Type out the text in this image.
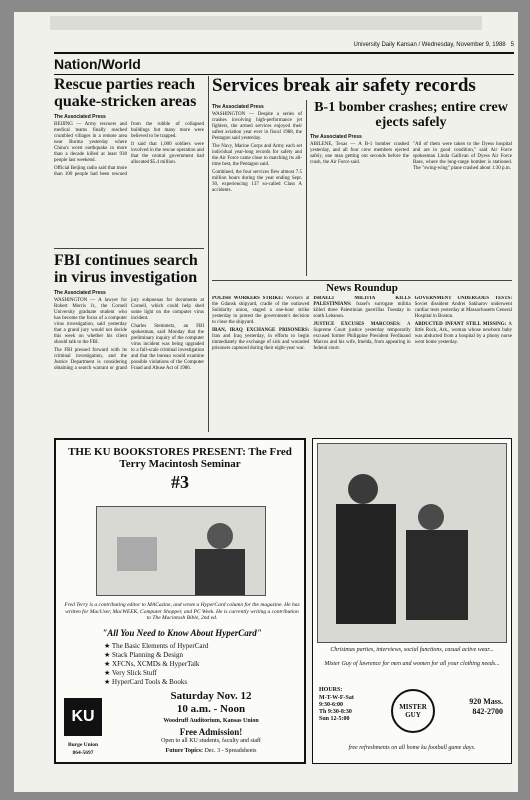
University Daily Kansan / Wednesday, November 9, 1988 5
Nation/World
Rescue parties reach quake-stricken areas
The Associated Press

BEIJING — Army rescuers and medical teams finally reached crumbled villages in a remote area near Burma yesterday where China's worst earthquake in more than a decade killed at least 938 people last weekend.

Official Beijing radio said that more than 100 people had been rescued from the rubble of collapsed buildings but many more were believed to be trapped.

It said that 1,000 soldiers were involved in the rescue operation and that the central government had allocated $5.4 million.

FBI continues search in virus investigation
The Associated Press

WASHINGTON — A lawyer for Robert Morris Jr., the Cornell University graduate student who has become the focus of a computer virus investigation, said yesterday that a grand jury would not decide this week on whether his client should talk to the FBI.

The FBI pressed forward with its criminal investigation, and the Justice Department is considering obtaining a search warrant or grand jury subpoenas for documents at Cornell, which could help shed some light on the computer virus incident.

Charles Steinmetz, an FBI spokesman, said Monday that the preliminary inquiry of the computer virus incident was being upgraded to a full-scale criminal investigation and that the bureau would examine possible violations of the Computer Fraud and Abuse Act of 1986.

Services break air safety records
The Associated Press

WASHINGTON — Despite a series of crashes involving high-performance jet fighters, the armed services enjoyed their safest aviation year ever in fiscal 1988, the Pentagon said yesterday.

The Navy, Marine Corps and Army each set individual year-long records for safety and the Air Force came close to matching its all-time best, the Pentagon said.

Combined, the four services flew almost 7.5 million hours during the year ending Sept. 30, experiencing 137 so-called Class A accidents.

B-1 bomber crashes; entire crew ejects safely
The Associated Press

ABILENE, Texas — A B-1 bomber crashed yesterday, and all four crew members ejected safely, one man getting out seconds before the crash, the Air Force said.

"All of them were taken to the Dyess hospital and are in good condition," said Air Force spokesman Linda Gallivan of Dyess Air Force Base, where the long-range bomber is stationed. The "swing-wing" plane crashed about 1:30 p.m.

News Roundup

POLISH WORKERS STRIKE: Workers at the Gdansk shipyard, cradle of the outlawed Solidarity union, staged a one-hour strike yesterday to protest the government's decision to close the shipyard.

IRAN, IRAQ EXCHANGE PRISONERS: Iran and Iraq yesterday, in efforts to begin immediately the exchange of sick and wounded prisoners captured during their eight-year war.

ISRAELI MILITIA KILLS PALESTINIANS: Israel's surrogate militia killed three Palestinian guerrillas Tuesday in south Lebanon.

JUSTICE EXCUSES MARCOSES: A Supreme Court justice yesterday temporarily excused former Philippine President Ferdinand Marcos and his wife, Imelda, from appearing in federal court.

GOVERNMENT UNDERGOES TESTS: Soviet dissident Andrei Sakharov underwent cardiac tests yesterday at Massachusetts General Hospital in Boston.

ABDUCTED INFANT STILL MISSING: A little Rock, Ark., woman whose newborn baby was abducted from a hospital by a phony nurse went home yesterday.

THE KU BOOKSTORES PRESENT: The Fred Terry Macintosh Seminar
#3

Fred Terry is a contributing editor to MACazine, and wrote a HyperCard column for the magazine. He has written for MacUser, MacWEEK, Computer Shopper, and PC Week. He is currently writing a contribution to The Macintosh Bible, 2nd ed.

"All You Need to Know About HyperCard"
★ The Basic Elements of HyperCard
★ Stack Planning & Design
★ XFCNs, XCMDs & HyperTalk
★ Very Slick Stuff
★ HyperCard Tools & Books
Saturday Nov. 12
10 a.m. - Noon
Woodruff Auditorium, Kansas Union
Free Admission!
Open to all KU students, faculty and staff
Future Topics: Dec. 3 - Spreadsheets
KU
Burge Union
864-5697

Christmas parties, interviews, social functions, casual active wear...

Mister Guy of lawrence for men and women for all your clothing needs...

HOURS:
M-T-W-F-Sat
9:30-6:00
Th 9:30-8:30
Sun 12-5:00
MISTER GUY
920 Mass.
842-2700
free refreshments on all home ku football game days.
